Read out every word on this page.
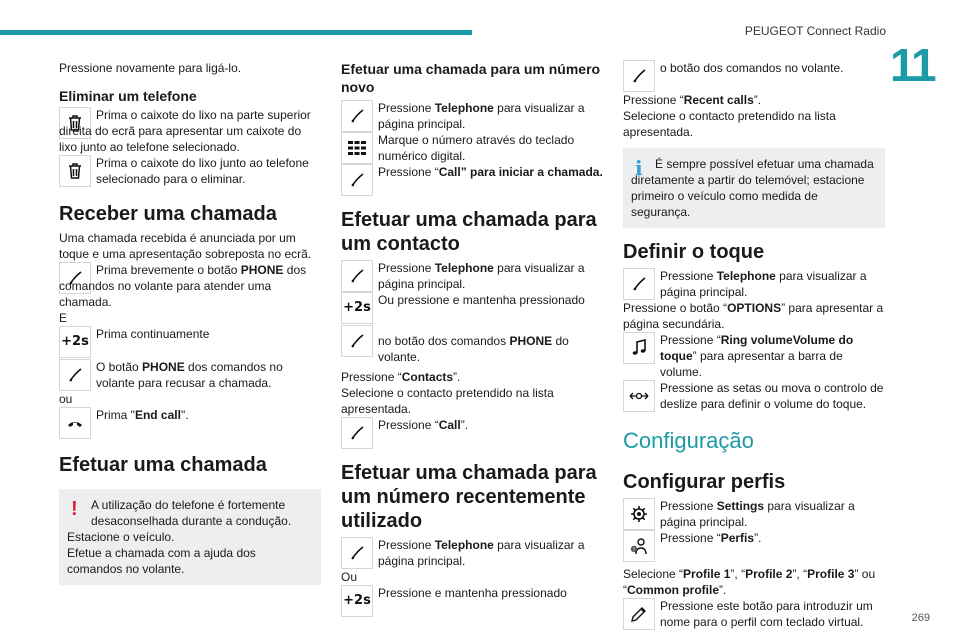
PEUGEOT Connect Radio
11
269

Pressione novamente para ligá-lo.

Eliminar um telefone

Prima o caixote do lixo na parte superior direita do ecrã para apresentar um caixote do lixo junto ao telefone selecionado.

Prima o caixote do lixo junto ao telefone selecionado para o eliminar.

Receber uma chamada

Uma chamada recebida é anunciada por um toque e uma apresentação sobreposta no ecrã.

Prima brevemente o botão PHONE dos comandos no volante para atender uma chamada.

E

+2s Prima continuamente

O botão PHONE dos comandos no volante para recusar a chamada.

ou

Prima "End call".

Efetuar uma chamada
!	A utilização do telefone é fortemente desaconselhada durante a condução.

Estacione o veículo.

Efetue a chamada com a ajuda dos comandos no volante.

Efetuar uma chamada para um número novo

Pressione Telephone para visualizar a página principal.

Marque o número através do teclado numérico digital.

Pressione “Call” para iniciar a chamada.

Efetuar uma chamada para um contacto

Pressione Telephone para visualizar a página principal.

+2s Ou pressione e mantenha pressionado

no botão dos comandos PHONE do volante.

Pressione “Contacts”.

Selecione o contacto pretendido na lista apresentada.

Pressione “Call”.

Efetuar uma chamada para um número recentemente utilizado

Pressione Telephone para visualizar a página principal.

Ou

+2s Pressione e mantenha pressionado

o botão dos comandos no volante.

Pressione “Recent calls”.

Selecione o contacto pretendido na lista apresentada.

i	É sempre possível efetuar uma chamada diretamente a partir do telemóvel; estacione primeiro o veículo como medida de segurança.

Definir o toque

Pressione Telephone para visualizar a página principal.

Pressione o botão “OPTIONS” para apresentar a página secundária.

Pressione “Ring volumeVolume do toque” para apresentar a barra de volume.

Pressione as setas ou mova o controlo de deslize para definir o volume do toque.

Configuração
Configurar perfis

Pressione Settings para visualizar a página principal.

?

Pressione “Perfis”.

Selecione “Profile 1”, “Profile 2”, “Profile 3” ou “Common profile”.

Pressione este botão para introduzir um nome para o perfil com teclado virtual.
